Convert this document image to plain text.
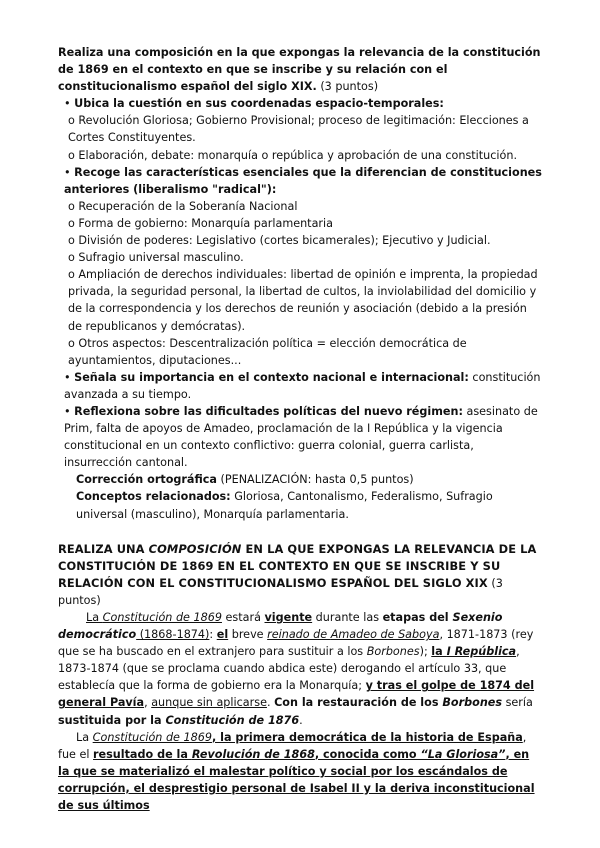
Realiza una composición en la que expongas la relevancia de la constitución de 1869 en el contexto en que se inscribe y su relación con el constitucionalismo español del siglo XIX. (3 puntos)

• Ubica la cuestión en sus coordenadas espacio-temporales:

o Revolución Gloriosa; Gobierno Provisional; proceso de legitimación: Elecciones a Cortes Constituyentes.

o Elaboración, debate: monarquía o república y aprobación de una constitución.

• Recoge las características esenciales que la diferencian de constituciones anteriores (liberalismo "radical"):

o Recuperación de la Soberanía Nacional

o Forma de gobierno: Monarquía parlamentaria

o División de poderes: Legislativo (cortes bicamerales); Ejecutivo y Judicial.

o Sufragio universal masculino.

o Ampliación de derechos individuales: libertad de opinión e imprenta, la propiedad privada, la seguridad personal, la libertad de cultos, la inviolabilidad del domicilio y de la correspondencia y los derechos de reunión y asociación (debido a la presión de republicanos y demócratas).

o Otros aspectos: Descentralización política = elección democrática de ayuntamientos, diputaciones...

• Señala su importancia en el contexto nacional e internacional: constitución avanzada a su tiempo.

• Reflexiona sobre las dificultades políticas del nuevo régimen: asesinato de Prim, falta de apoyos de Amadeo, proclamación de la I República y la vigencia constitucional en un contexto conflictivo: guerra colonial, guerra carlista, insurrección cantonal.

Corrección ortográfica (PENALIZACIÓN: hasta 0,5 puntos)

Conceptos relacionados: Gloriosa, Cantonalismo, Federalismo, Sufragio universal (masculino), Monarquía parlamentaria.

REALIZA UNA COMPOSICIÓN EN LA QUE EXPONGAS LA RELEVANCIA DE LA CONSTITUCIÓN DE 1869 EN EL CONTEXTO EN QUE SE INSCRIBE Y SU RELACIÓN CON EL CONSTITUCIONALISMO ESPAÑOL DEL SIGLO XIX (3 puntos)

La Constitución de 1869 estará vigente durante las etapas del Sexenio democrático (1868-1874): el breve reinado de Amadeo de Saboya, 1871-1873 (rey que se ha buscado en el extranjero para sustituir a los Borbones); la I República, 1873-1874 (que se proclama cuando abdica este) derogando el artículo 33, que establecía que la forma de gobierno era la Monarquía; y tras el golpe de 1874 del general Pavía, aunque sin aplicarse. Con la restauración de los Borbones sería sustituida por la Constitución de 1876.

La Constitución de 1869, la primera democrática de la historia de España, fue el resultado de la Revolución de 1868, conocida como “La Gloriosa”, en la que se materializó el malestar político y social por los escándalos de corrupción, el desprestigio personal de Isabel II y la deriva inconstitucional de sus últimos
